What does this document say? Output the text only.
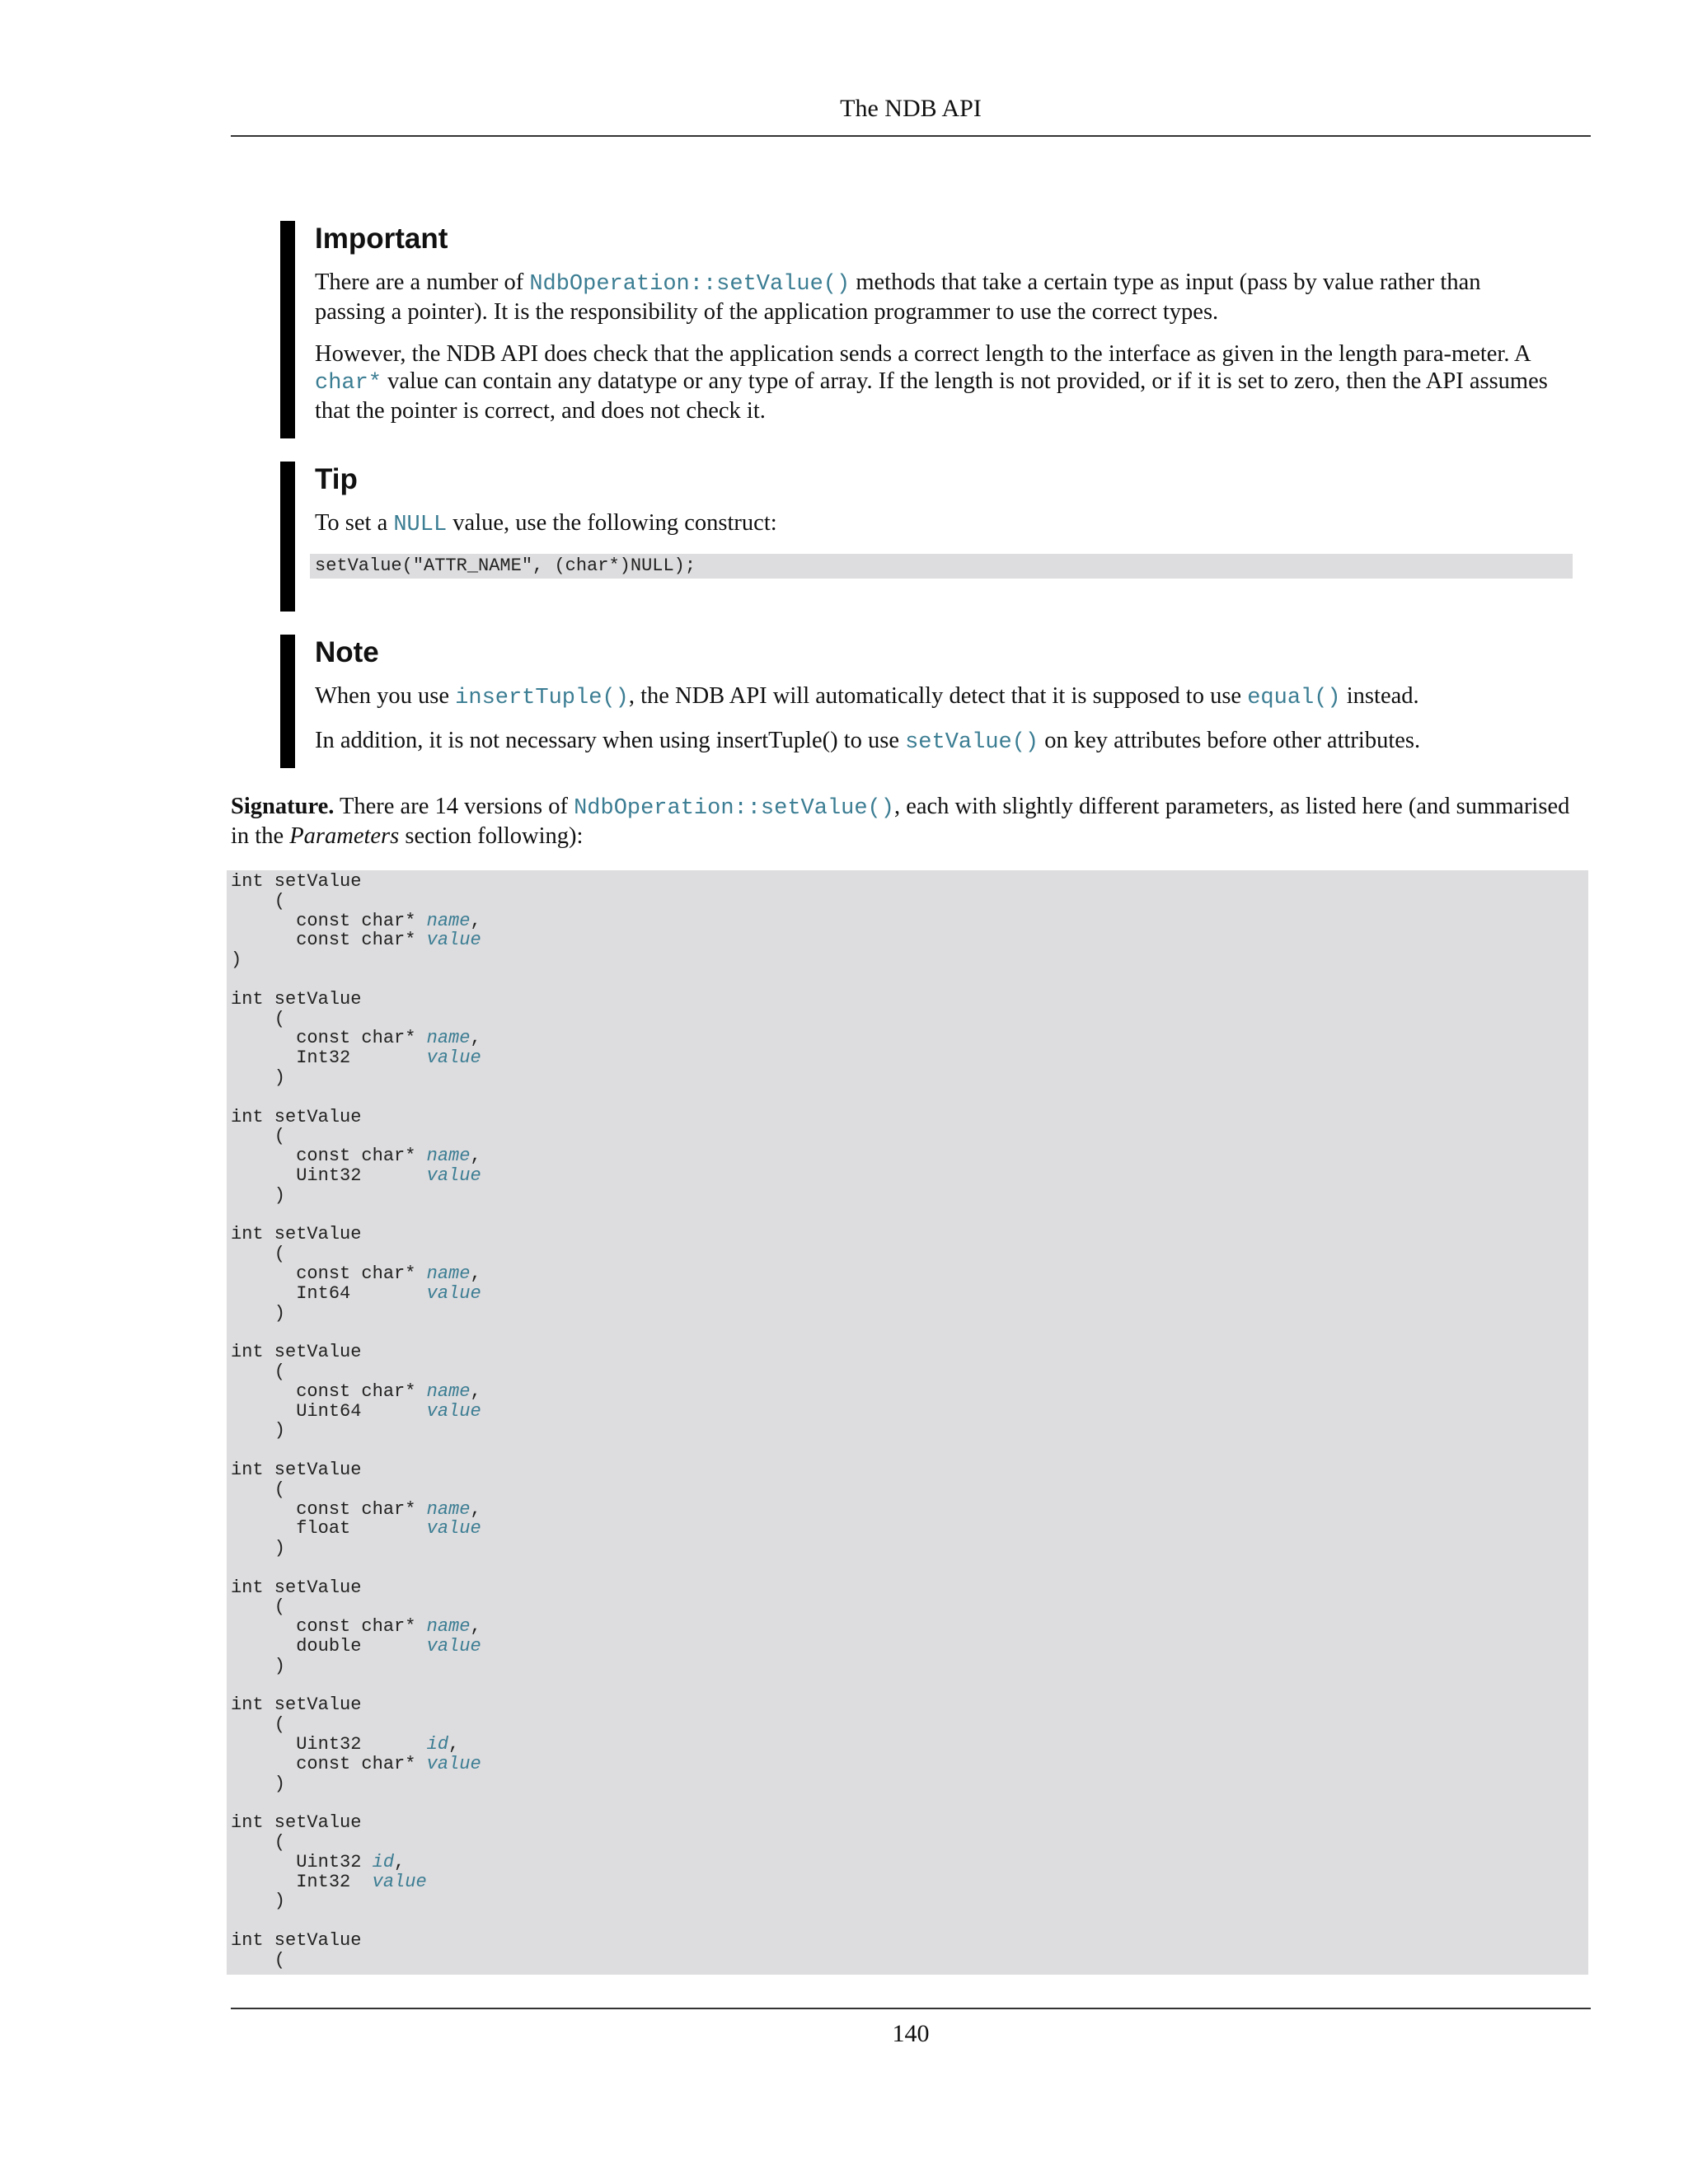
The NDB API
Important

There are a number of NdbOperation::setValue() methods that take a certain type as input (pass by value rather than passing a pointer). It is the responsibility of the application programmer to use the correct types.

However, the NDB API does check that the application sends a correct length to the interface as given in the length para-meter. A char* value can contain any datatype or any type of array. If the length is not provided, or if it is set to zero, then the API assumes that the pointer is correct, and does not check it.

Tip

To set a NULL value, use the following construct:

setValue("ATTR_NAME", (char*)NULL);
Note

When you use insertTuple(), the NDB API will automatically detect that it is supposed to use equal() instead.

In addition, it is not necessary when using insertTuple() to use setValue() on key attributes before other attributes.

Signature. There are 14 versions of NdbOperation::setValue(), each with slightly different parameters, as listed here (and summarised in the Parameters section following):
int setValue
(
const char* name,
const char* value
)

int setValue
(
const char* name,
Int32       value
)

int setValue
(
const char* name,
Uint32      value
)

int setValue
(
const char* name,
Int64       value
)

int setValue
(
const char* name,
Uint64      value
)

int setValue
(
const char* name,
float       value
)

int setValue
(
const char* name,
double      value
)

int setValue
(
Uint32      id,
const char* value
)

int setValue
(
Uint32 id,
Int32  value
)

int setValue
(
140
